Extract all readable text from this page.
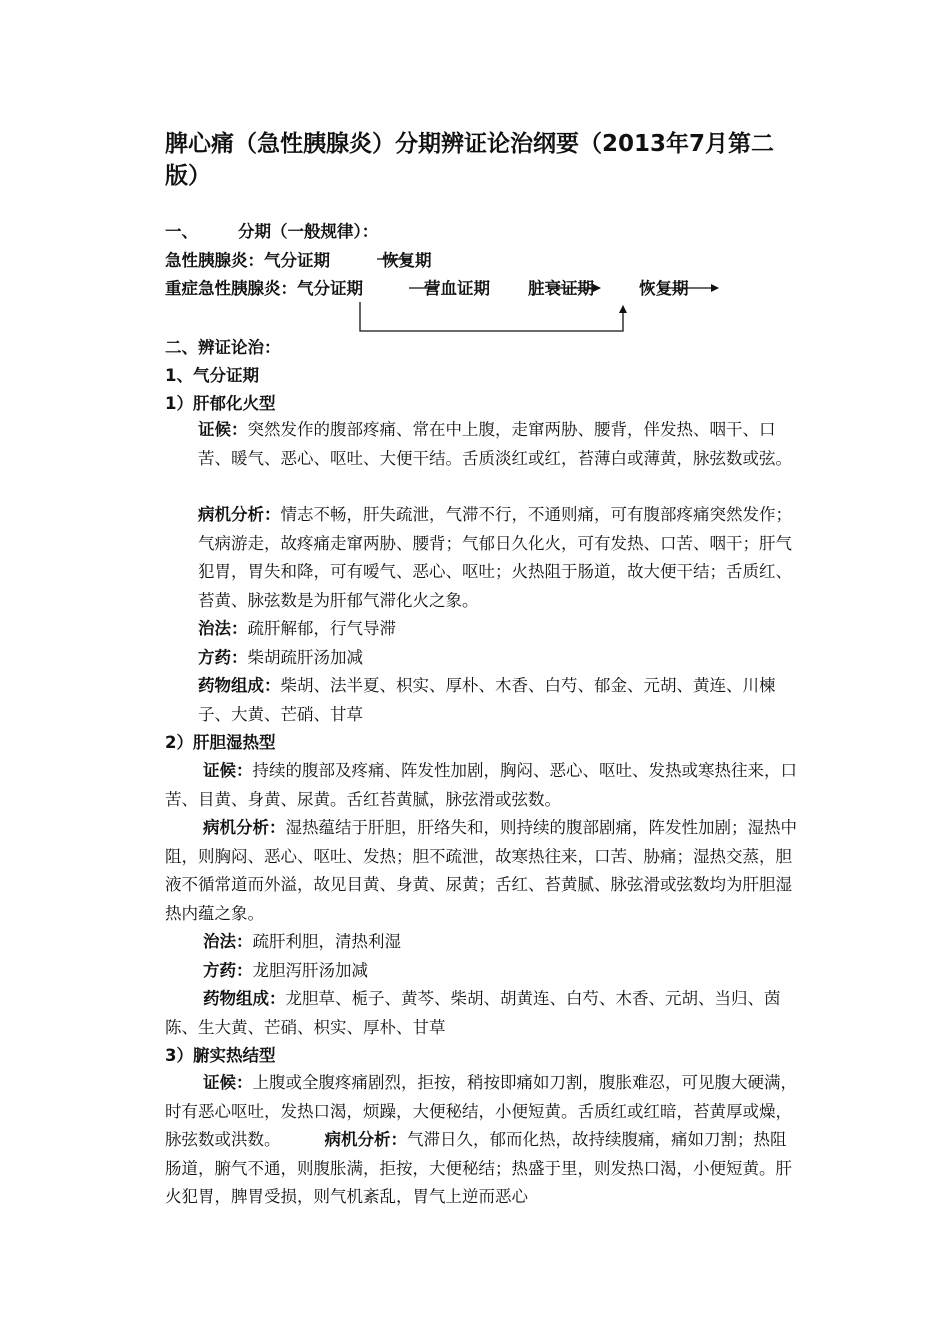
脾心痛（急性胰腺炎）分期辨证论治纲要（2013年7月第二版）
一、 分期（一般规律）：
急性胰腺炎：气分证期	恢复期
重症急性胰腺炎：气分证期	营血证期 脏衰证期	恢复期
二、辨证论治：
1、气分证期
1）肝郁化火型

证候：突然发作的腹部疼痛、常在中上腹，走窜两胁、腰背，伴发热、咽干、口苦、暖气、恶心、呕吐、大便干结。舌质淡红或红，苔薄白或薄黄，脉弦数或弦。

病机分析：情志不畅，肝失疏泄，气滞不行，不通则痛，可有腹部疼痛突然发作；气病游走，故疼痛走窜两胁、腰背；气郁日久化火，可有发热、口苦、咽干；肝气犯胃，胃失和降，可有嗳气、恶心、呕吐；火热阻于肠道，故大便干结；舌质红、苔黄、脉弦数是为肝郁气滞化火之象。

治法：疏肝解郁，行气导滞

方药：柴胡疏肝汤加减

药物组成：柴胡、法半夏、枳实、厚朴、木香、白芍、郁金、元胡、黄连、川楝子、大黄、芒硝、甘草

2）肝胆湿热型

证候：持续的腹部及疼痛、阵发性加剧，胸闷、恶心、呕吐、发热或寒热往来，口苦、目黄、身黄、尿黄。舌红苔黄腻，脉弦滑或弦数。

病机分析：湿热蕴结于肝胆，肝络失和，则持续的腹部剧痛，阵发性加剧；湿热中阻，则胸闷、恶心、呕吐、发热；胆不疏泄，故寒热往来，口苦、胁痛；湿热交蒸，胆液不循常道而外溢，故见目黄、身黄、尿黄；舌红、苔黄腻、脉弦滑或弦数均为肝胆湿热内蕴之象。

治法：疏肝利胆，清热利湿

方药：龙胆泻肝汤加减

药物组成：龙胆草、栀子、黄芩、柴胡、胡黄连、白芍、木香、元胡、当归、茵陈、生大黄、芒硝、枳实、厚朴、甘草

3）腑实热结型

证候：上腹或全腹疼痛剧烈，拒按，稍按即痛如刀割，腹胀难忍，可见腹大硬满，时有恶心呕吐，发热口渴，烦躁，大便秘结，小便短黄。舌质红或红暗，苔黄厚或燥，脉弦数或洪数。	病机分析：气滞日久，郁而化热，故持续腹痛，痛如刀割；热阻肠道，腑气不通，则腹胀满，拒按，大便秘结；热盛于里，则发热口渴，小便短黄。肝火犯胃，脾胃受损，则气机紊乱，胃气上逆而恶心
